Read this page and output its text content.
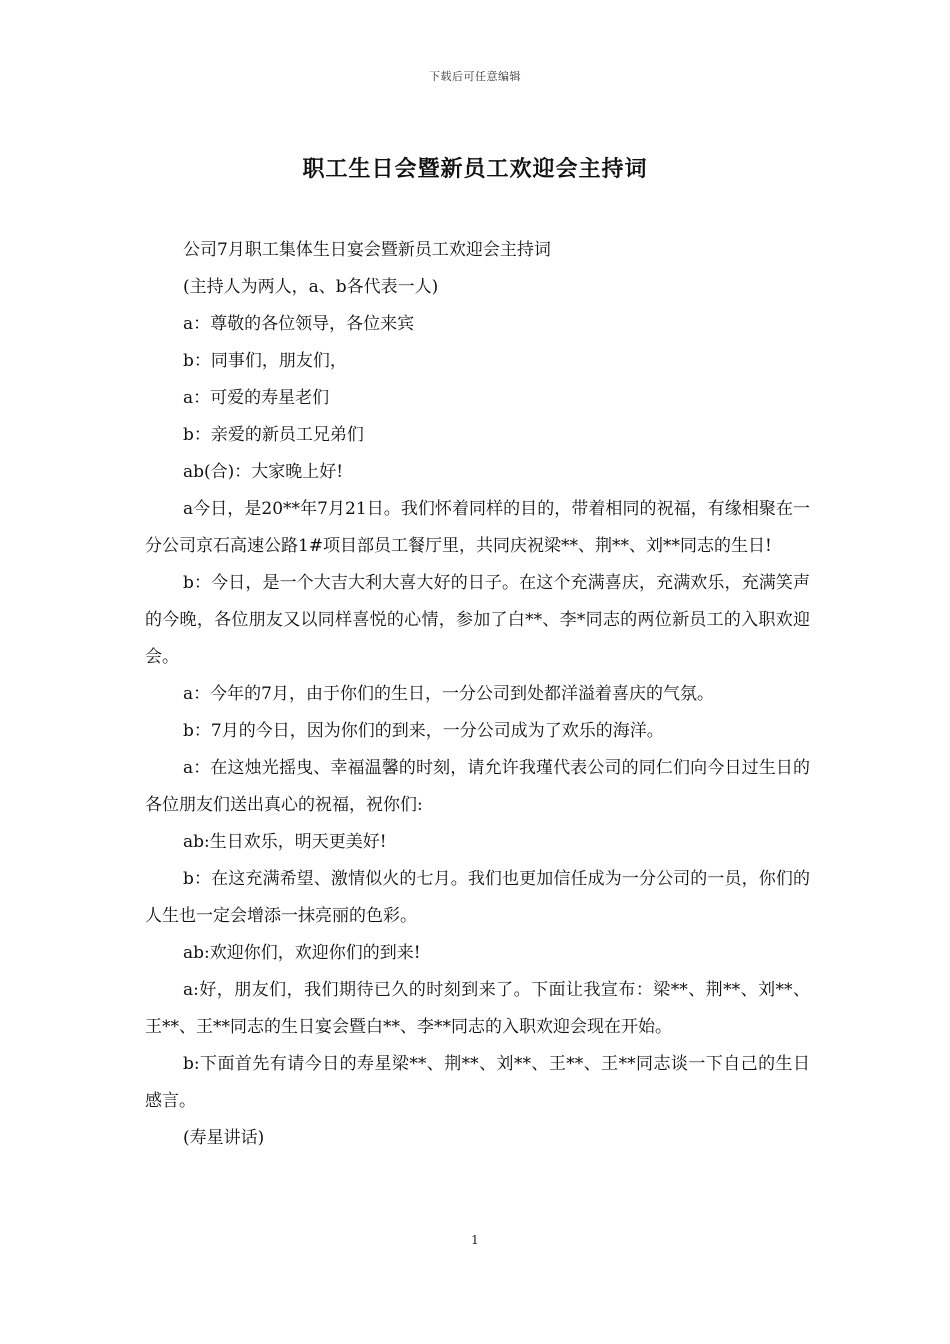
下载后可任意编辑
职工生日会暨新员工欢迎会主持词

公司7月职工集体生日宴会暨新员工欢迎会主持词

(主持人为两人，a、b各代表一人)

a：尊敬的各位领导，各位来宾

b：同事们，朋友们，

a：可爱的寿星老们

b：亲爱的新员工兄弟们

ab(合)：大家晚上好!

a今日，是20**年7月21日。我们怀着同样的目的，带着相同的祝福，有缘相聚在一分公司京石高速公路1#项目部员工餐厅里，共同庆祝梁**、荆**、刘**同志的生日!

b：今日，是一个大吉大利大喜大好的日子。在这个充满喜庆，充满欢乐，充满笑声的今晚，各位朋友又以同样喜悦的心情，参加了白**、李*同志的两位新员工的入职欢迎会。

a：今年的7月，由于你们的生日，一分公司到处都洋溢着喜庆的气氛。

b：7月的今日，因为你们的到来，一分公司成为了欢乐的海洋。

a：在这烛光摇曳、幸福温馨的时刻，请允许我瑾代表公司的同仁们向今日过生日的各位朋友们送出真心的祝福，祝你们:

ab:生日欢乐，明天更美好!

b：在这充满希望、激情似火的七月。我们也更加信任成为一分公司的一员，你们的人生也一定会增添一抹亮丽的色彩。

ab:欢迎你们，欢迎你们的到来!

a:好，朋友们，我们期待已久的时刻到来了。下面让我宣布：梁**、荆**、刘**、王**、王**同志的生日宴会暨白**、李**同志的入职欢迎会现在开始。

b:下面首先有请今日的寿星梁**、荆**、刘**、王**、王**同志谈一下自己的生日感言。

(寿星讲话)

1
